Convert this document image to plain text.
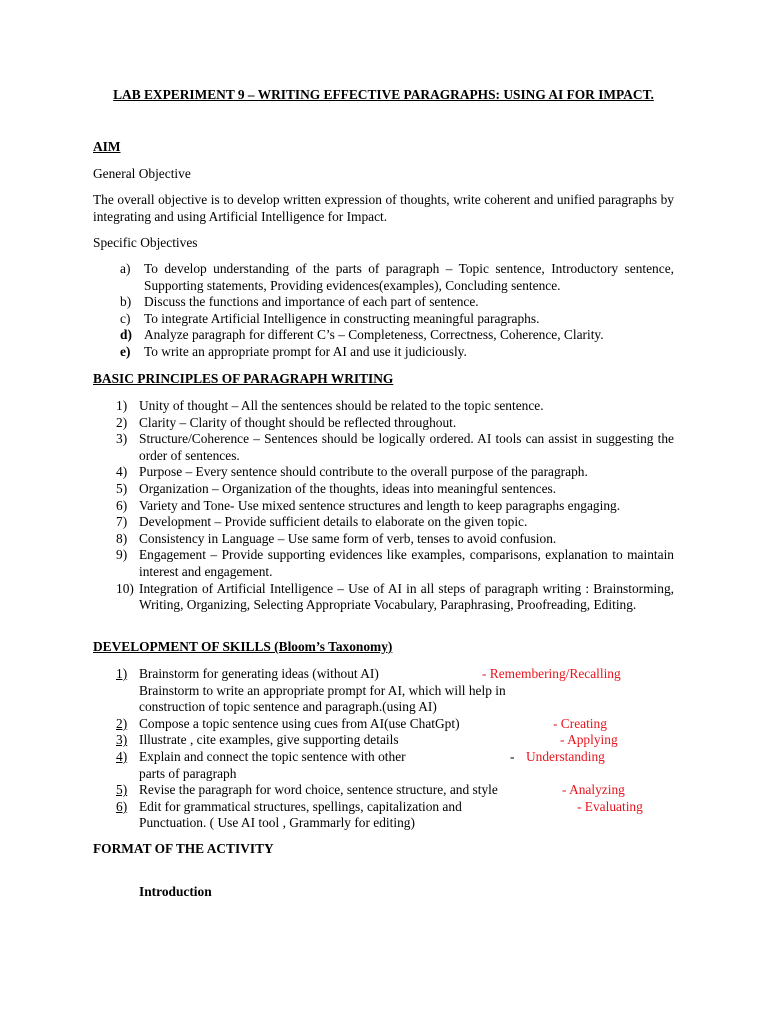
LAB EXPERIMENT 9 – WRITING EFFECTIVE PARAGRAPHS: USING AI FOR IMPACT.
AIM
General Objective
The overall objective is to develop written expression of thoughts, write coherent and unified paragraphs by integrating and using Artificial Intelligence for Impact.
Specific Objectives
a) To develop understanding of the parts of paragraph – Topic sentence, Introductory sentence, Supporting statements, Providing evidences(examples), Concluding sentence.
b) Discuss the functions and importance of each part of sentence.
c) To integrate Artificial Intelligence in constructing meaningful paragraphs.
d) Analyze paragraph for different C’s – Completeness, Correctness, Coherence, Clarity.
e) To write an appropriate prompt for AI and use it judiciously.
BASIC PRINCIPLES OF PARAGRAPH WRITING
1) Unity of thought – All the sentences should be related to the topic sentence.
2) Clarity – Clarity of thought should be reflected throughout.
3) Structure/Coherence – Sentences should be logically ordered. AI tools can assist in suggesting the order of sentences.
4) Purpose – Every sentence should contribute to the overall purpose of the paragraph.
5) Organization – Organization of the thoughts, ideas into meaningful sentences.
6) Variety and Tone- Use mixed sentence structures and length to keep paragraphs engaging.
7) Development – Provide sufficient details to elaborate on the given topic.
8) Consistency in Language – Use same form of verb, tenses to avoid confusion.
9) Engagement – Provide supporting evidences like examples, comparisons, explanation to maintain interest and engagement.
10) Integration of Artificial Intelligence – Use of AI in all steps of paragraph writing : Brainstorming, Writing, Organizing, Selecting Appropriate Vocabulary, Paraphrasing, Proofreading, Editing.
DEVELOPMENT OF SKILLS (Bloom’s Taxonomy)
1) Brainstorm for generating ideas (without AI)	- Remembering/Recalling
Brainstorm to write an appropriate prompt for AI, which will help in
construction of topic sentence and paragraph.(using AI)
2) Compose a topic sentence using cues from AI(use ChatGpt)	- Creating
3) Illustrate , cite examples, give supporting details	- Applying
4) Explain and connect the topic sentence with other	- Understanding
parts of paragraph
5) Revise the paragraph for word choice, sentence structure, and style	- Analyzing
6) Edit for grammatical structures, spellings, capitalization and	- Evaluating
Punctuation. ( Use AI tool , Grammarly for editing)
FORMAT OF THE ACTIVITY
Introduction
